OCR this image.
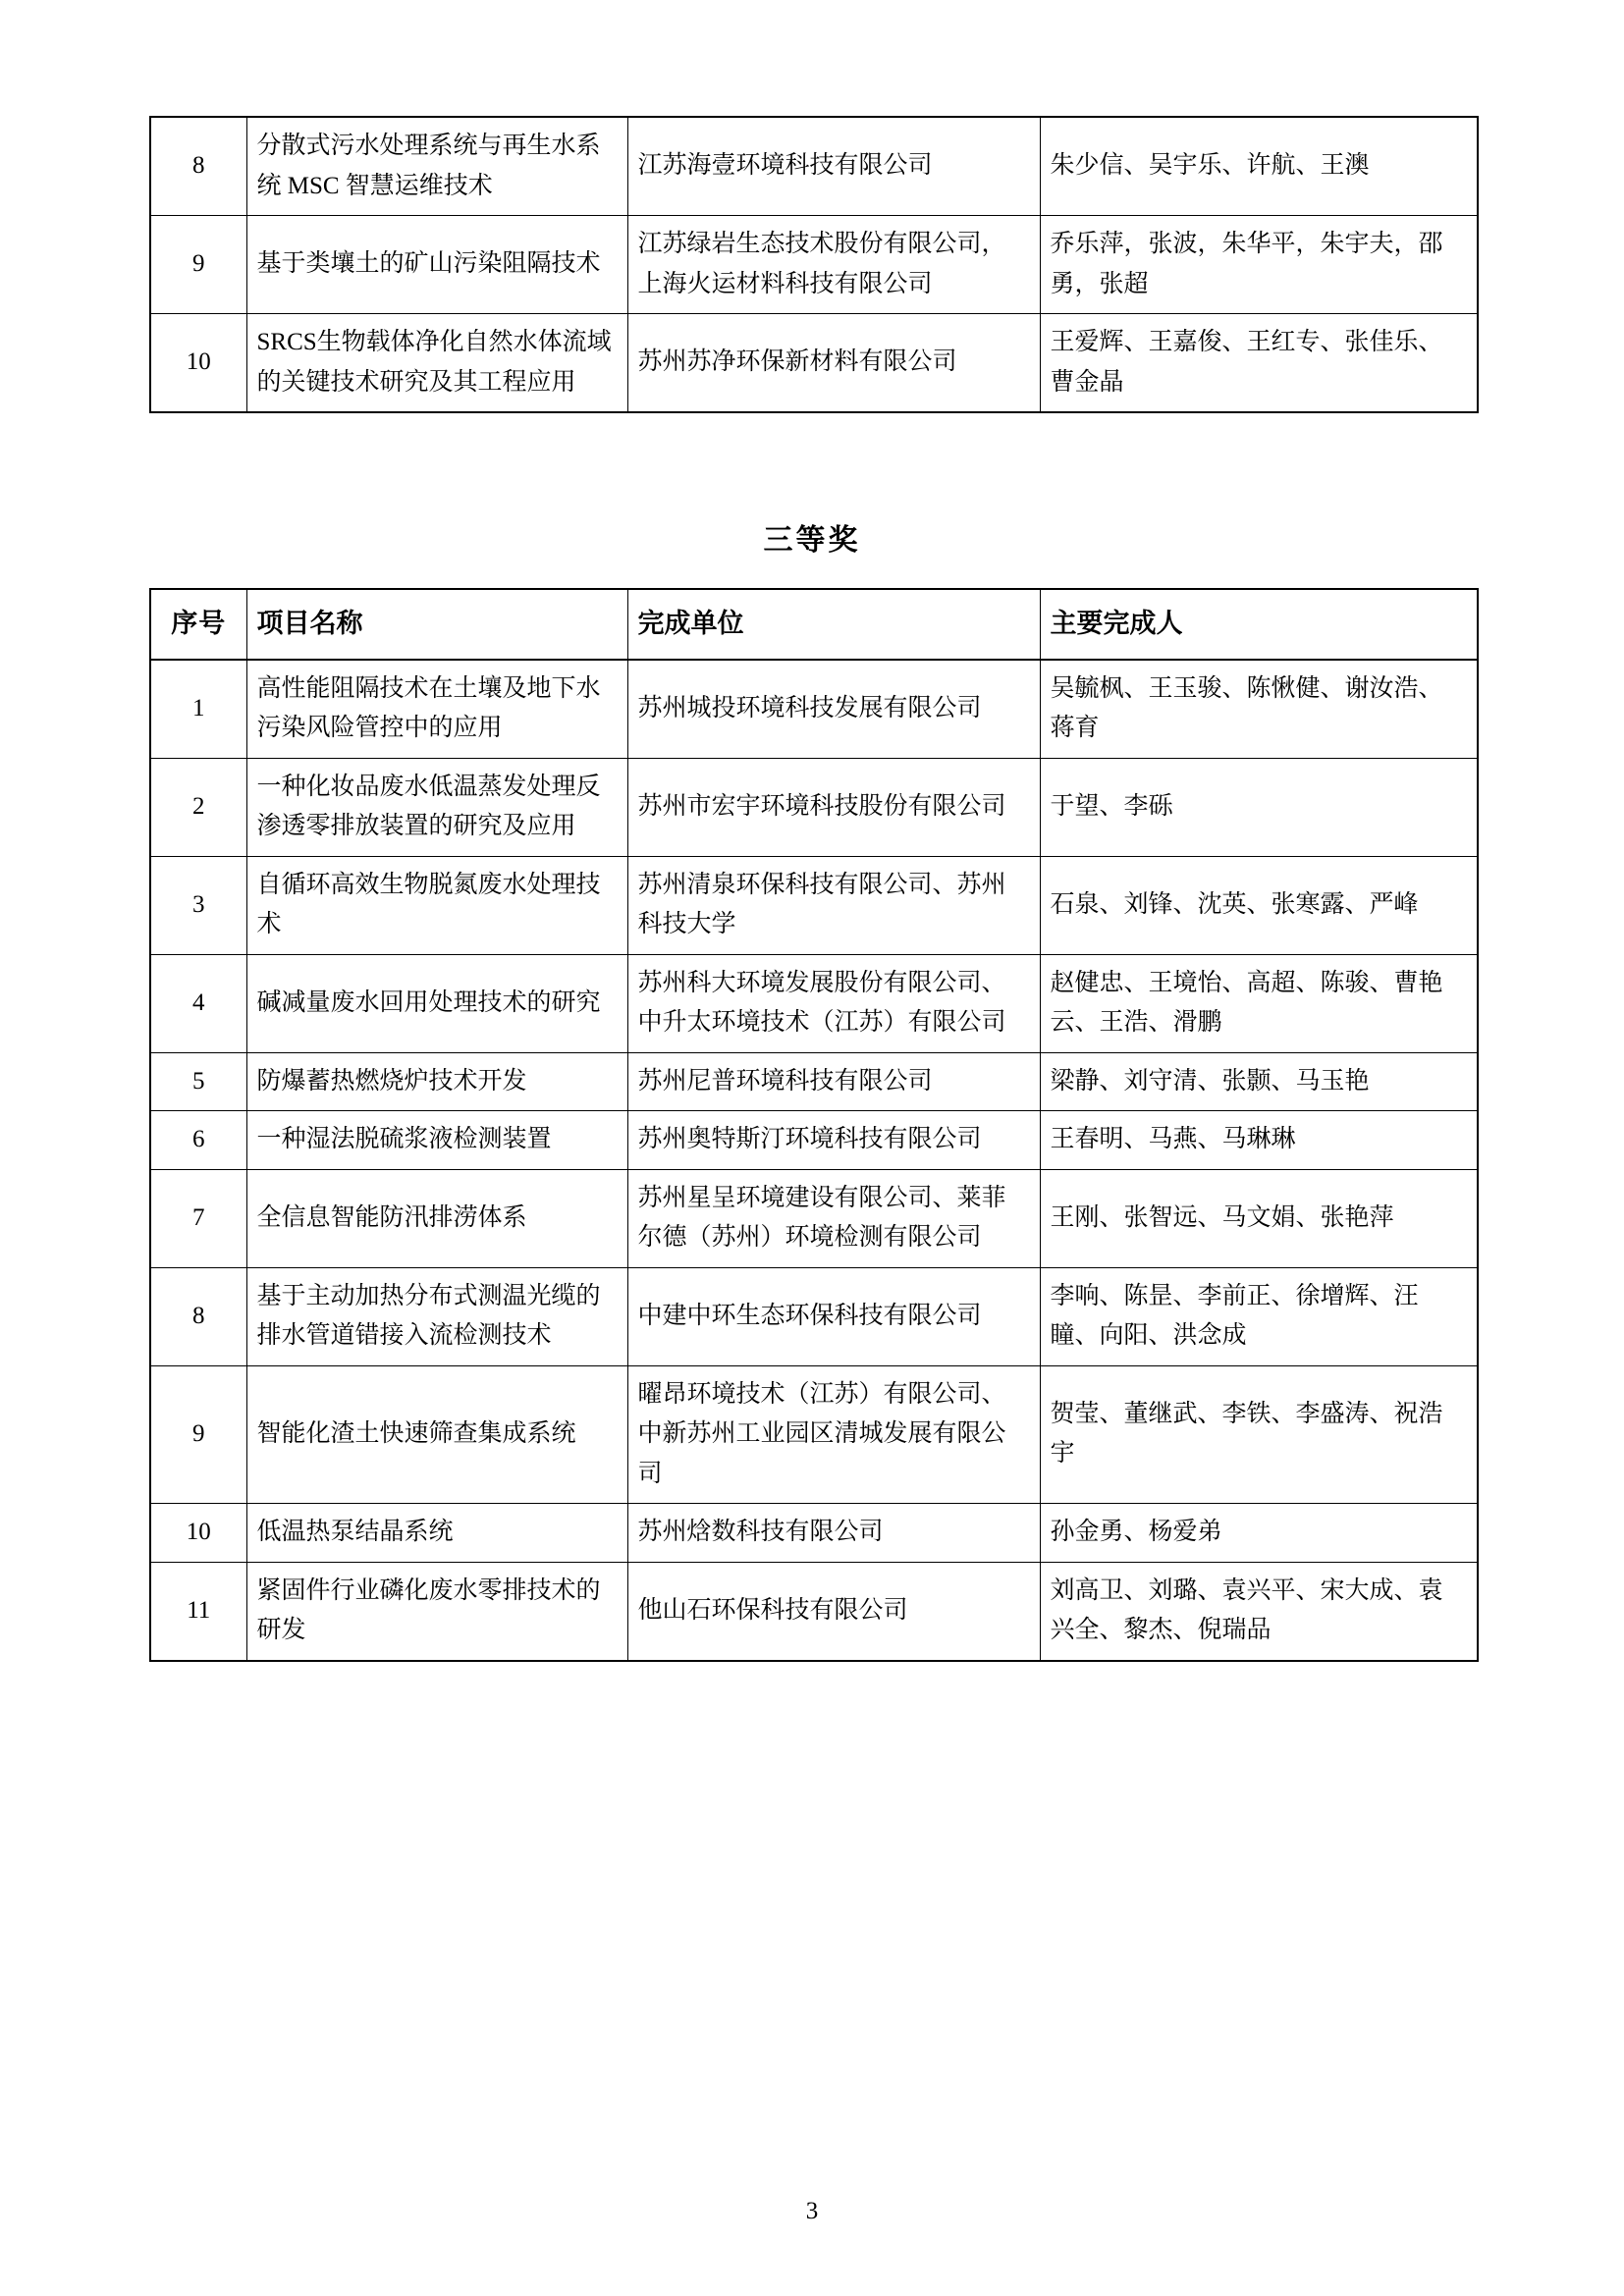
8	分散式污水处理系统与再生水系统 MSC 智慧运维技术	江苏海壹环境科技有限公司	朱少信、吴宇乐、许航、王澳
9	基于类壤土的矿山污染阻隔技术	江苏绿岩生态技术股份有限公司，上海火运材料科技有限公司	乔乐萍，张波，朱华平，朱宇夫，邵勇，张超
10	SRCS生物载体净化自然水体流域的关键技术研究及其工程应用	苏州苏净环保新材料有限公司	王爱辉、王嘉俊、王红专、张佳乐、曹金晶
三等奖
序号	项目名称	完成单位	主要完成人
1	高性能阻隔技术在土壤及地下水污染风险管控中的应用	苏州城投环境科技发展有限公司	吴毓枫、王玉骏、陈愀健、谢汝浩、蒋育
2	一种化妆品废水低温蒸发处理反渗透零排放装置的研究及应用	苏州市宏宇环境科技股份有限公司	于望、李砾
3	自循环高效生物脱氮废水处理技术	苏州清泉环保科技有限公司、苏州科技大学	石泉、刘锋、沈英、张寒露、严峰
4	碱减量废水回用处理技术的研究	苏州科大环境发展股份有限公司、中升太环境技术（江苏）有限公司	赵健忠、王境怡、高超、陈骏、曹艳云、王浩、滑鹏
5	防爆蓄热燃烧炉技术开发	苏州尼普环境科技有限公司	梁静、刘守清、张颢、马玉艳
6	一种湿法脱硫浆液检测装置	苏州奥特斯汀环境科技有限公司	王春明、马燕、马琳琳
7	全信息智能防汛排涝体系	苏州星呈环境建设有限公司、莱菲尔德（苏州）环境检测有限公司	王刚、张智远、马文娟、张艳萍
8	基于主动加热分布式测温光缆的排水管道错接入流检测技术	中建中环生态环保科技有限公司	李响、陈昰、李前正、徐增辉、汪瞳、向阳、洪念成
9	智能化渣土快速筛查集成系统	曜昂环境技术（江苏）有限公司、中新苏州工业园区清城发展有限公司	贺莹、董继武、李铁、李盛涛、祝浩宇
10	低温热泵结晶系统	苏州焓数科技有限公司	孙金勇、杨爱弟
11	紧固件行业磷化废水零排技术的研发	他山石环保科技有限公司	刘高卫、刘璐、袁兴平、宋大成、袁兴全、黎杰、倪瑞品
3
